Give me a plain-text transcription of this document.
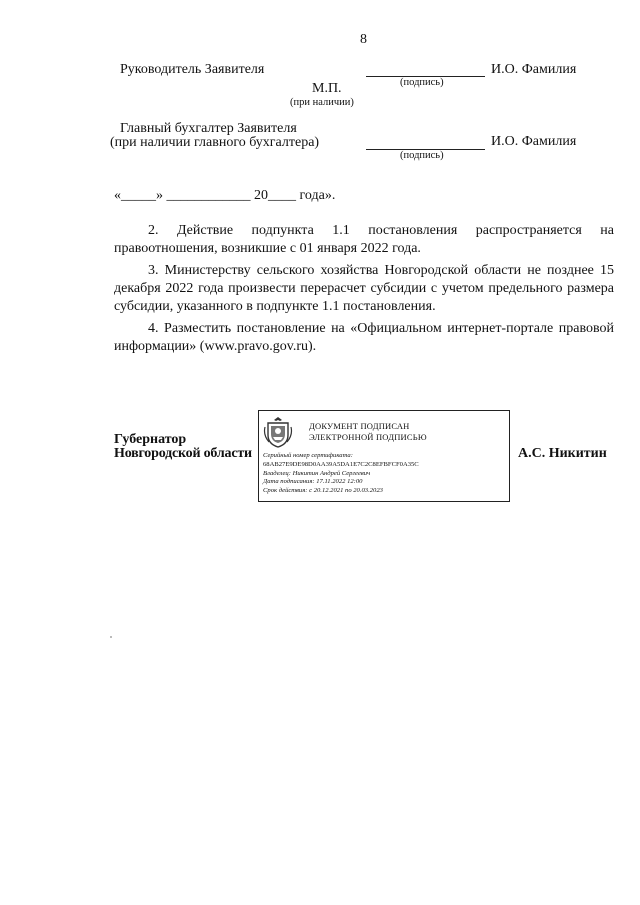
8
Руководитель Заявителя
(подпись)
И.О. Фамилия
М.П.
(при наличии)
Главный бухгалтер Заявителя
(при наличии главного бухгалтера)
(подпись)
И.О. Фамилия
«_____» ____________ 20____ года».
2. Действие подпункта 1.1 постановления распространяется на правоотношения, возникшие с 01 января 2022 года.
3. Министерству сельского хозяйства Новгородской области не позднее 15 декабря 2022 года произвести перерасчет субсидии с учетом предельного размера субсидии, указанного в подпункте 1.1 постановления.
4. Разместить постановление на «Официальном интернет-портале правовой информации» (www.pravo.gov.ru).
Губернатор
Новгородской области	А.С. Никитин
ДОКУМЕНТ ПОДПИСАН
ЭЛЕКТРОННОЙ ПОДПИСЬЮ
Серийный номер сертификата:
68AB27E9DE98D0AA39A5DA1E7C2C8EFBFCF0A35C
Владелец: Никитин Андрей Сергеевич
Дата подписания: 17.11.2022 12:00
Срок действия: с 20.12.2021 по 20.03.2023
